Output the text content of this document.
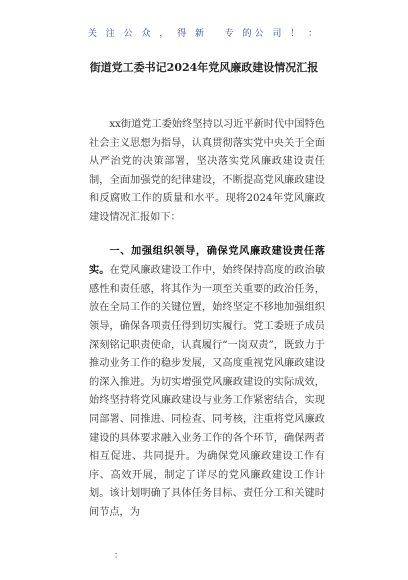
关 注 公 众 ， 得 新   专 的公 司 ！ ：
街道党工委书记2024年党风廉政建设情况汇报

xx街道党工委始终坚持以习近平新时代中国特色社会主义思想为指导，认真贯彻落实党中央关于全面从严治党的决策部署，坚决落实党风廉政建设责任制，全面加强党的纪律建设，不断提高党风廉政建设和反腐败工作的质量和水平。现将2024年党风廉政建设情况汇报如下：

一、加强组织领导，确保党风廉政建设责任落实。在党风廉政建设工作中，始终保持高度的政治敏感性和责任感，将其作为一项至关重要的政治任务，放在全局工作的关键位置，始终坚定不移地加强组织领导，确保各项责任得到切实履行。党工委班子成员深刻铭记职责使命，认真履行“一岗双责”，既致力于推动业务工作的稳步发展，又高度重视党风廉政建设的深入推进。为切实增强党风廉政建设的实际成效，始终坚持将党风廉政建设与业务工作紧密结合，实现同部署、同推进、同检查、同考核，注重将党风廉政建设的具体要求融入业务工作的各个环节，确保两者相互促进、共同提升。为确保党风廉政建设工作有序、高效开展，制定了详尽的党风廉政建设工作计划。该计划明确了具体任务目标、责任分工和关键时间节点，为

：
